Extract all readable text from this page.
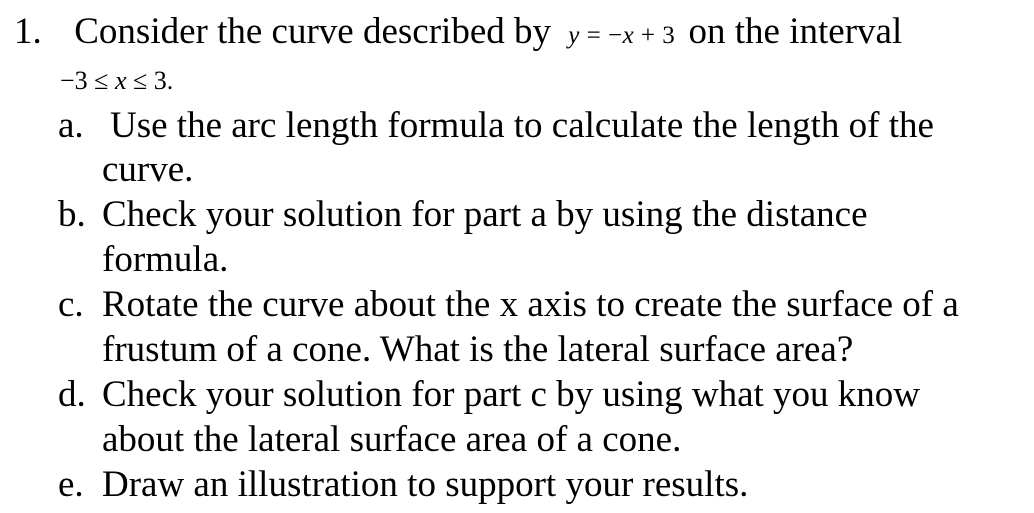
1. Consider the curve described by y = −x + 3 on the interval
−3 ≤ x ≤ 3.
a. Use the arc length formula to calculate the length of the
curve.
b. Check your solution for part a by using the distance
formula.
c. Rotate the curve about the x axis to create the surface of a
frustum of a cone. What is the lateral surface area?
d. Check your solution for part c by using what you know
about the lateral surface area of a cone.
e. Draw an illustration to support your results.
